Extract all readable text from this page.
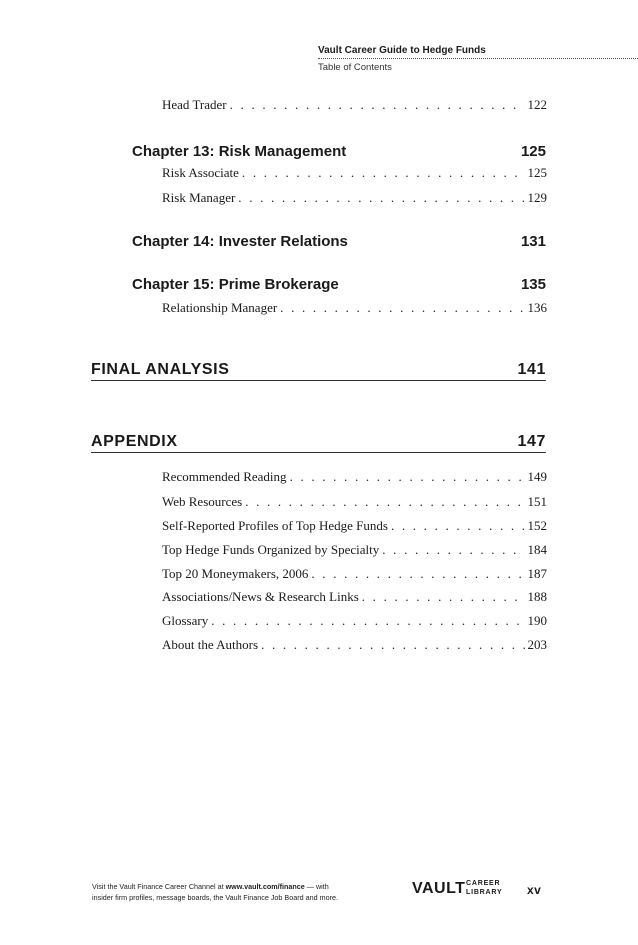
Vault Career Guide to Hedge Funds
Table of Contents
Head Trader . . .	122
Chapter 13: Risk Management	125
Risk Associate . . .	125
Risk Manager . . .	129
Chapter 14: Invester Relations	131
Chapter 15: Prime Brokerage	135
Relationship Manager . . .	136
FINAL ANALYSIS	141
APPENDIX	147
Recommended Reading . . .	149
Web Resources . . .	151
Self-Reported Profiles of Top Hedge Funds . . .	152
Top Hedge Funds Organized by Specialty . . .	184
Top 20 Moneymakers, 2006 . . .	187
Associations/News & Research Links . . .	188
Glossary . . .	190
About the Authors . . .	203
Visit the Vault Finance Career Channel at www.vault.com/finance — with
insider firm profiles, message boards, the Vault Finance Job Board and more.
VAULT CAREER
LIBRARY xv
